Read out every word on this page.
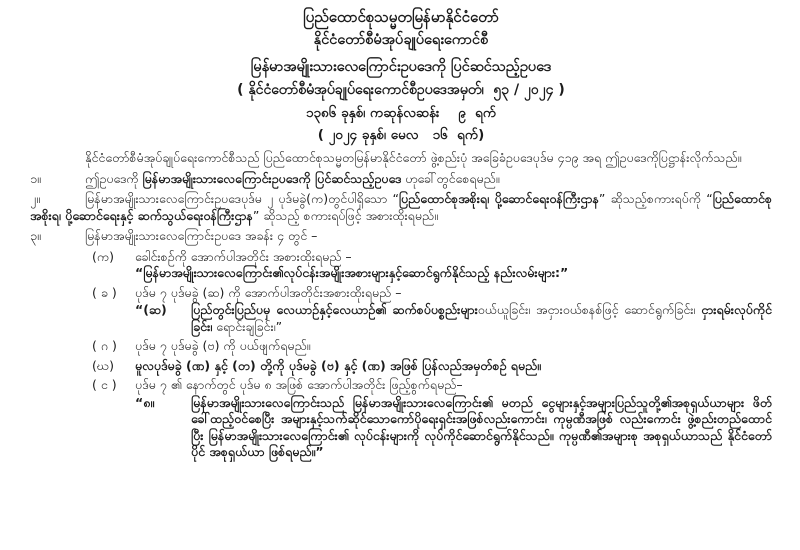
ပြည်ထောင်စုသမ္မတမြန်မာနိုင်ငံတော်
နိုင်ငံတော်စီမံအုပ်ချုပ်ရေးကောင်စီ
မြန်မာအမျိုးသားလေကြောင်းဥပဒေကို ပြင်ဆင်သည့်ဥပဒေ
( နိုင်ငံတော်စီမံအုပ်ချုပ်ရေးကောင်စီဥပဒေအမှတ်၊  ၅၃ / ၂၀၂၄ )
၁၃၈၆ ခုနှစ်၊ ကဆုန်လဆန်း    ၉  ရက်
( ၂၀၂၄ ခုနှစ်၊ မေလ   ၁၆  ရက်)

နိုင်ငံတော်စီမံအုပ်ချုပ်ရေးကောင်စီသည် ပြည်ထောင်စုသမ္မတမြန်မာနိုင်ငံတော် ဖွဲ့စည်းပုံ အခြေခံဥပဒေပုဒ်မ ၄၁၉ အရ ဤဥပဒေကိုပြဋ္ဌာန်းလိုက်သည်။

၁။	ဤဥပဒေကို မြန်မာအမျိုးသားလေကြောင်းဥပဒေကို ပြင်ဆင်သည့်ဥပဒေ ဟုခေါ်တွင်စေရမည်။

၂။	မြန်မာအမျိုးသားလေကြောင်းဥပဒေပုဒ်မ ၂ ပုဒ်မခွဲ(က)တွင်ပါရှိသော “ပြည်ထောင်စုအစိုးရ၊ ပို့ဆောင်ရေးဝန်ကြီးဌာန” ဆိုသည့်စကားရပ်ကို “ပြည်ထောင်စုအစိုးရ၊ ပို့ဆောင်ရေးနှင့် ဆက်သွယ်ရေးဝန်ကြီးဌာန” ဆိုသည့် စကားရပ်ဖြင့် အစားထိုးရမည်။

၃။	မြန်မာအမျိုးသားလေကြောင်းဥပဒေ အခန်း ၄ တွင် –

(က)	ခေါင်းစဉ်ကို အောက်ပါအတိုင်း အစားထိုးရမည် –
“မြန်မာအမျိုးသားလေကြောင်း၏လုပ်ငန်းအမျိုးအစားများနှင့်ဆောင်ရွက်နိုင်သည့် နည်းလမ်းများ:”
( ခ )	ပုဒ်မ ၇ ပုဒ်မခွဲ (ဆ) ကို အောက်ပါအတိုင်းအစားထိုးရမည် –
“(ဆ)	ပြည်တွင်းပြည်ပမှ လေယာဉ်နှင့်လေယာဉ်၏ ဆက်စပ်ပစ္စည်းများဝယ်ယူခြင်း၊ အငှားဝယ်စနစ်ဖြင့် ဆောင်ရွက်ခြင်း၊ ငှားရမ်းလုပ်ကိုင်ခြင်း၊ ရောင်းချခြင်း၊”
( ဂ )	ပုဒ်မ ၇ ပုဒ်မခွဲ (ဗ) ကို ပယ်ဖျက်ရမည်။
(ဃ)	မူလပုဒ်မခွဲ (ဏ) နှင့် (တ) တို့ကို ပုဒ်မခွဲ (ဗ) နှင့် (ဏ) အဖြစ် ပြန်လည်အမှတ်စဉ် ရမည်။
( င )	ပုဒ်မ ၇ ၏ နောက်တွင် ပုဒ်မ ၈ အဖြစ် အောက်ပါအတိုင်း ဖြည့်စွက်ရမည်–
“၈။	မြန်မာအမျိုးသားလေကြောင်းသည် မြန်မာအမျိုးသားလေကြောင်း၏ မတည် ငွေများနှင့်အများပြည်သူတို့၏အစုရှယ်ယာများ ဖိတ်ခေါ်ထည့်ဝင်စေပြီး အများနှင့်သက်ဆိုင်သောကော်ပိုရေးရှင်းအဖြစ်လည်းကောင်း၊ ကုမ္ပဏီအဖြစ် လည်းကောင်း ဖွဲ့စည်းတည်ထောင်ပြီး မြန်မာအမျိုးသားလေကြောင်း၏ လုပ်ငန်းများကို လုပ်ကိုင်ဆောင်ရွက်နိုင်သည်။ ကုမ္ပဏီ၏အများစု အစုရှယ်ယာသည် နိုင်ငံတော်ပိုင် အစုရှယ်ယာ ဖြစ်ရမည်။”
